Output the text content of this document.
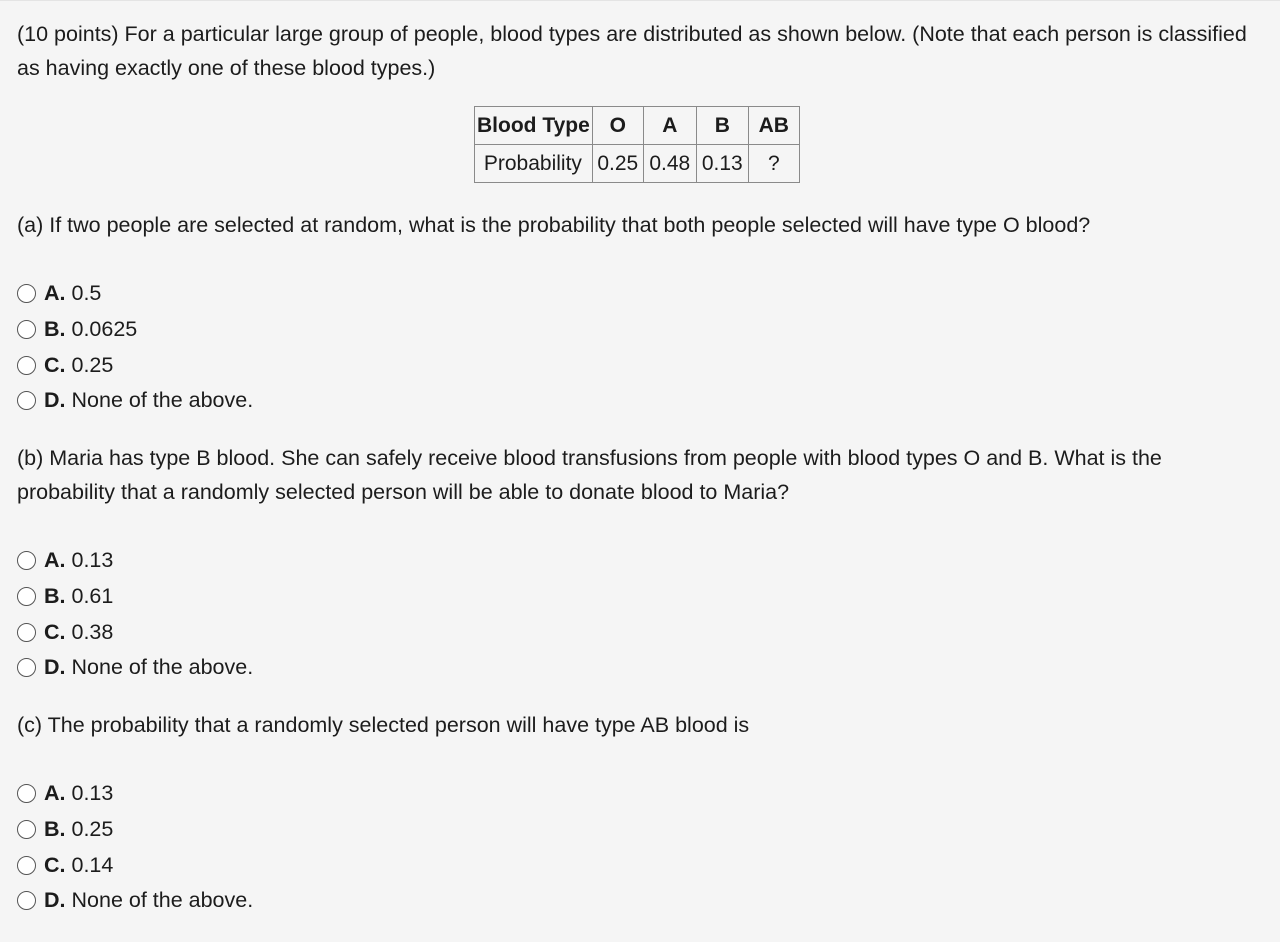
(10 points) For a particular large group of people, blood types are distributed as shown below. (Note that each person is classified as having exactly one of these blood types.)

Blood Type	O	A	B	AB
Probability	0.25	0.48	0.13	?

(a) If two people are selected at random, what is the probability that both people selected will have type O blood?

A. 0.5
B. 0.0625
C. 0.25
D. None of the above.

(b) Maria has type B blood. She can safely receive blood transfusions from people with blood types O and B. What is the probability that a randomly selected person will be able to donate blood to Maria?

A. 0.13
B. 0.61
C. 0.38
D. None of the above.

(c) The probability that a randomly selected person will have type AB blood is

A. 0.13
B. 0.25
C. 0.14
D. None of the above.
